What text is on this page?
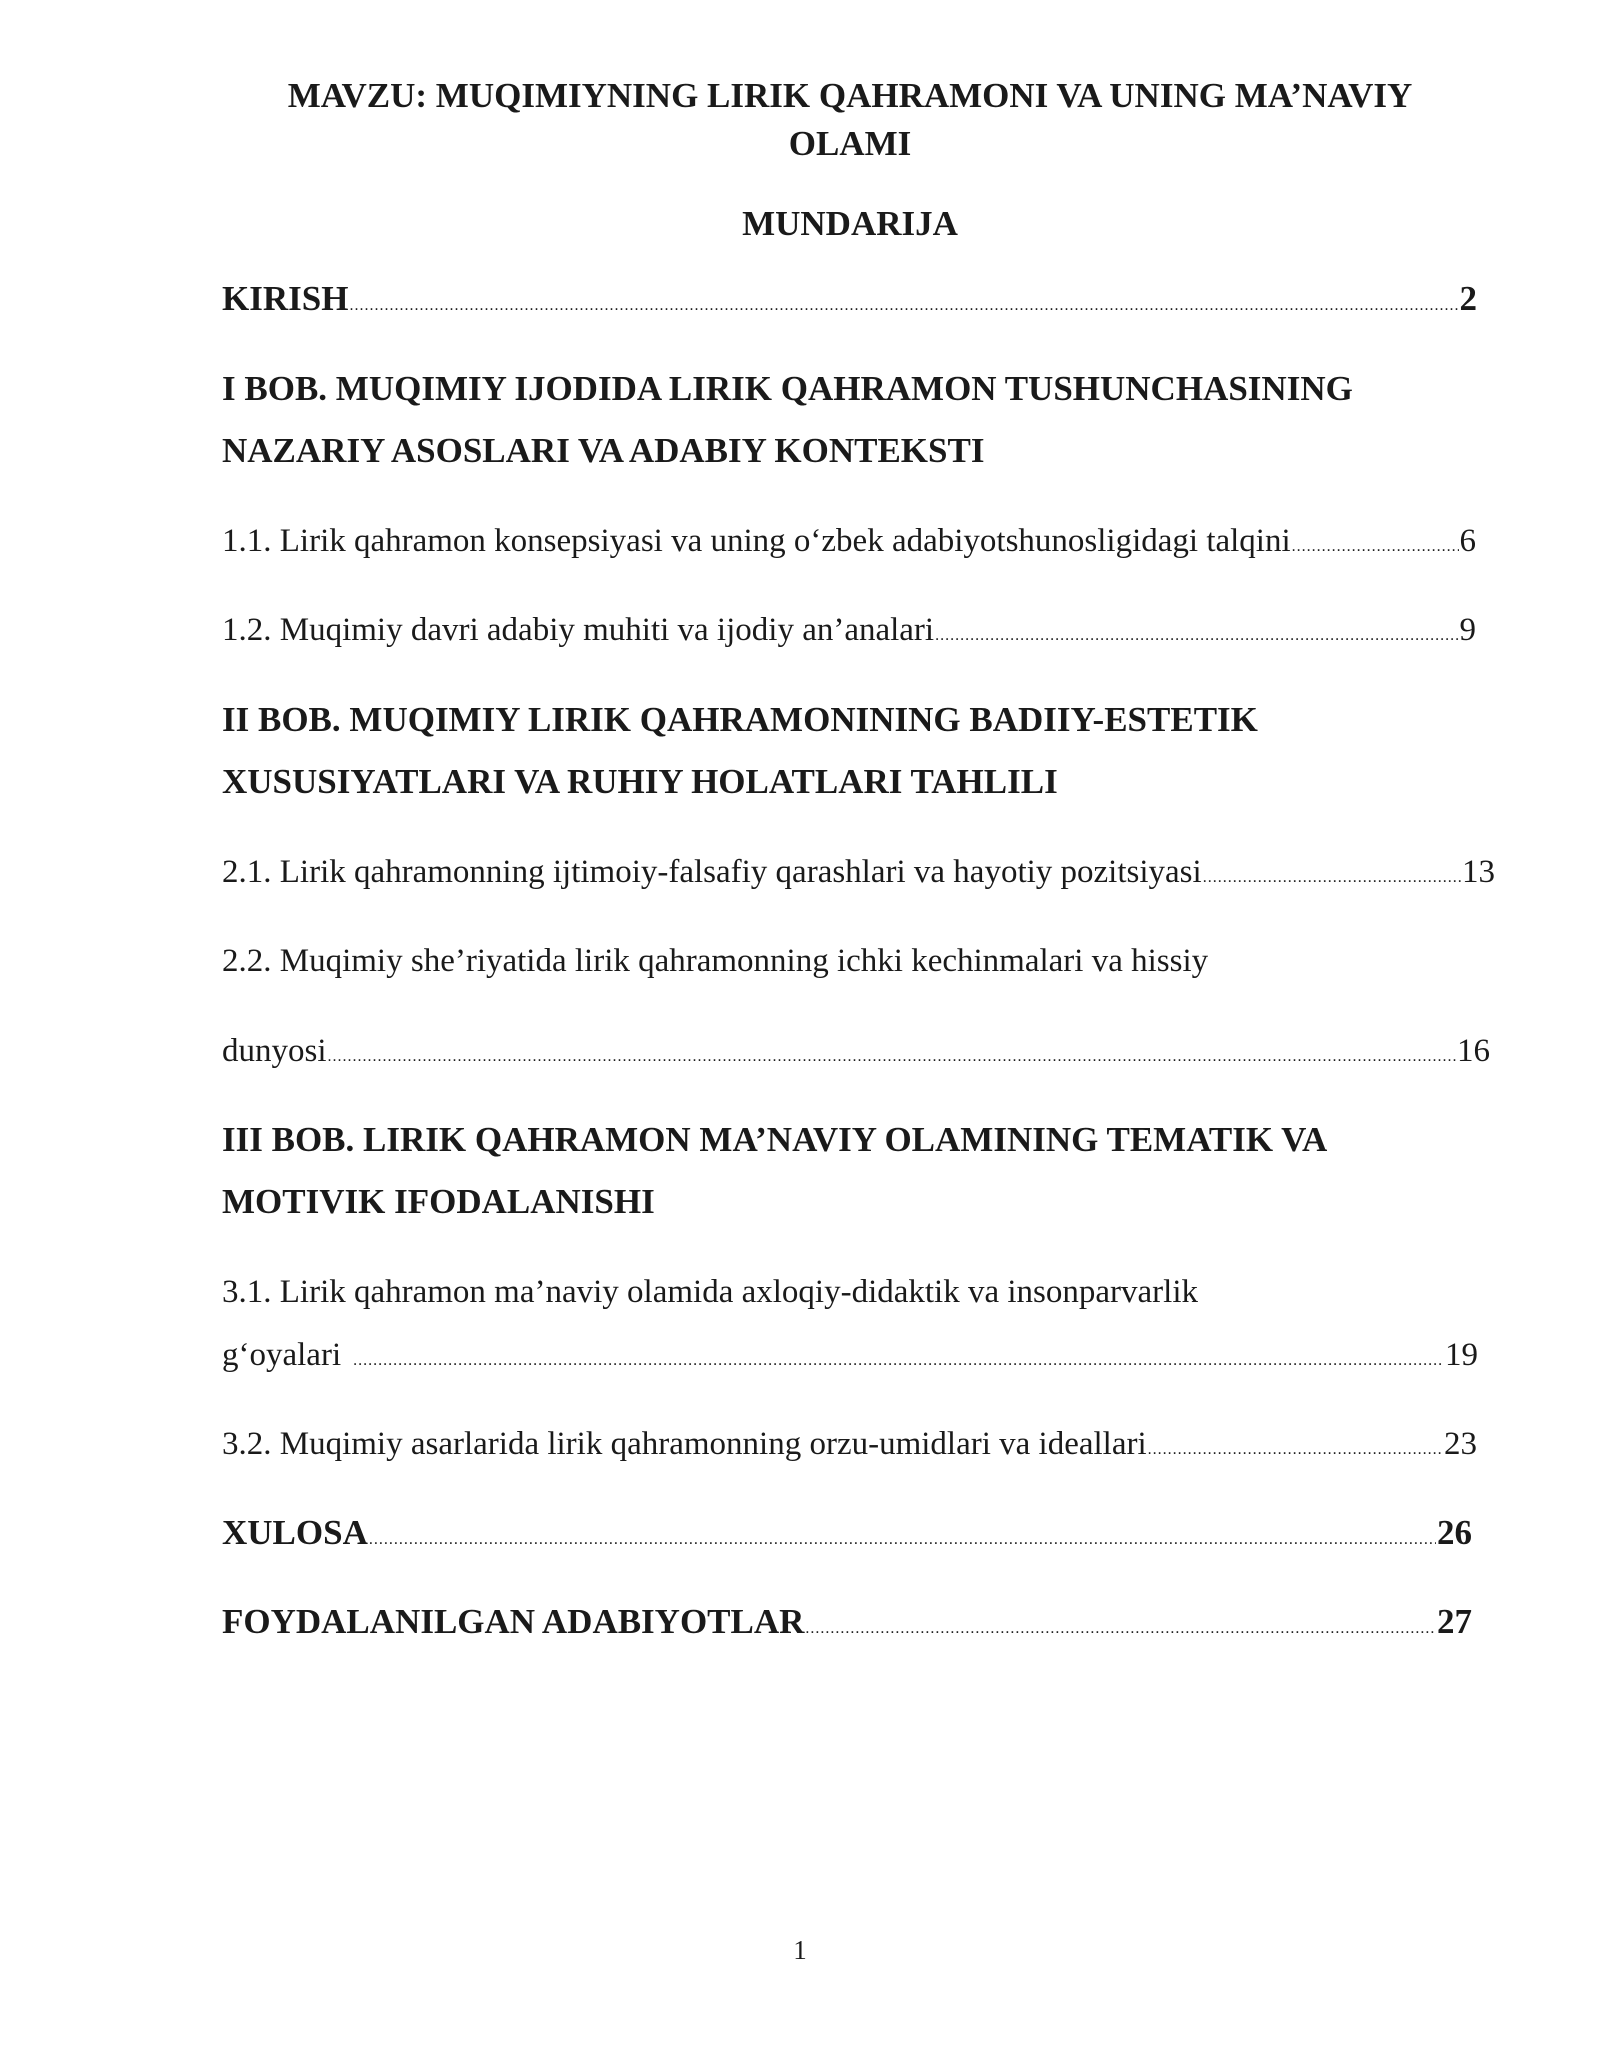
MAVZU: MUQIMIYNING LIRIK QAHRAMONI VA UNING MA’NAVIY
OLAMI
MUNDARIJA
KIRISH .....	2
I BOB. MUQIMIY IJODIDA LIRIK QAHRAMON TUSHUNCHASINING
NAZARIY ASOSLARI VA ADABIY KONTEKSTI
1.1. Lirik qahramon konsepsiyasi va uning o‘zbek adabiyotshunosligidagi talqini .....	6
1.2. Muqimiy davri adabiy muhiti va ijodiy an’analari .....	9
II BOB. MUQIMIY LIRIK QAHRAMONINING BADIIY-ESTETIK
XUSUSIYATLARI VA RUHIY HOLATLARI TAHLILI
2.1. Lirik qahramonning ijtimoiy-falsafiy qarashlari va hayotiy pozitsiyasi .....	13
2.2. Muqimiy she’riyatida lirik qahramonning ichki kechinmalari va hissiy
dunyosi .....	16
III BOB. LIRIK QAHRAMON MA’NAVIY OLAMINING TEMATIK VA
MOTIVIK IFODALANISHI
3.1. Lirik qahramon ma’naviy olamida axloqiy-didaktik va insonparvarlik
g‘oyalari .....	19
3.2. Muqimiy asarlarida lirik qahramonning orzu-umidlari va ideallari .....	23
XULOSA .....	26
FOYDALANILGAN ADABIYOTLAR .....	27
1
